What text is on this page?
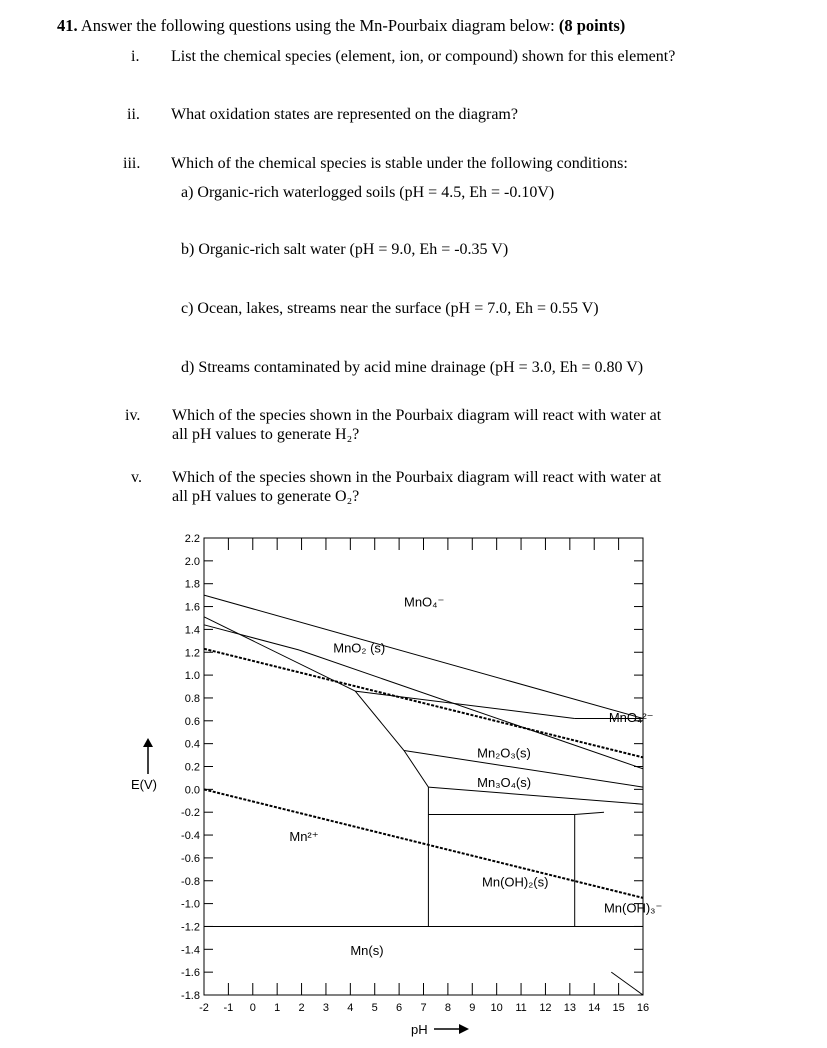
41. Answer the following questions using the Mn-Pourbaix diagram below: (8 points)
i. List the chemical species (element, ion, or compound) shown for this element?
ii. What oxidation states are represented on the diagram?
iii. Which of the chemical species is stable under the following conditions:
a) Organic-rich waterlogged soils (pH = 4.5, Eh = -0.10V)
b) Organic-rich salt water (pH = 9.0, Eh = -0.35 V)
c) Ocean, lakes, streams near the surface (pH = 7.0, Eh = 0.55 V)
d) Streams contaminated by acid mine drainage (pH = 3.0, Eh = 0.80 V)
iv. Which of the species shown in the Pourbaix diagram will react with water at
all pH values to generate H₂?
v. Which of the species shown in the Pourbaix diagram will react with water at
all pH values to generate O₂?
2.2
2.0
1.8
1.6
1.4
1.2
1.0
0.8
0.6
0.4
0.2
0.0
-0.2
-0.4
-0.6
-0.8
-1.0
-1.2
-1.4
-1.6
-1.8
-2 -1 0 1 2 3 4 5 6 7 8 9 10 11 12 13 14 15 16
MnO₄⁻
MnO₂ (s)
MnO₄²⁻
Mn₂O₃(s)
Mn₃O₄(s)
Mn²⁺
Mn(OH)₂(s)
Mn(OH)₃⁻
Mn(s)
E(V)
pH
